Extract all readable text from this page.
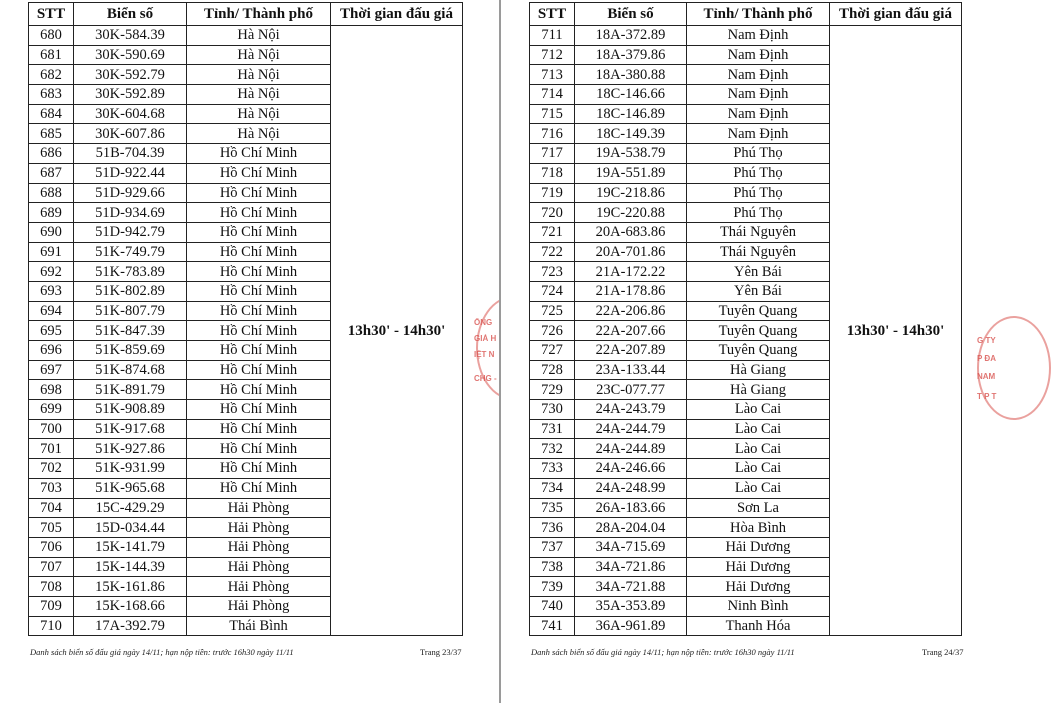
STT	Biển số	Tỉnh/ Thành phố	Thời gian đấu giá
680	30K-584.39	Hà Nội	13h30' - 14h30'
681	30K-590.69	Hà Nội	
682	30K-592.79	Hà Nội	
683	30K-592.89	Hà Nội	
684	30K-604.68	Hà Nội	
685	30K-607.86	Hà Nội	
686	51B-704.39	Hồ Chí Minh	
687	51D-922.44	Hồ Chí Minh	
688	51D-929.66	Hồ Chí Minh	
689	51D-934.69	Hồ Chí Minh	
690	51D-942.79	Hồ Chí Minh	
691	51K-749.79	Hồ Chí Minh	
692	51K-783.89	Hồ Chí Minh	
693	51K-802.89	Hồ Chí Minh	
694	51K-807.79	Hồ Chí Minh	
695	51K-847.39	Hồ Chí Minh	
696	51K-859.69	Hồ Chí Minh	
697	51K-874.68	Hồ Chí Minh	
698	51K-891.79	Hồ Chí Minh	
699	51K-908.89	Hồ Chí Minh	
700	51K-917.68	Hồ Chí Minh	
701	51K-927.86	Hồ Chí Minh	
702	51K-931.99	Hồ Chí Minh	
703	51K-965.68	Hồ Chí Minh	
704	15C-429.29	Hải Phòng	
705	15D-034.44	Hải Phòng	
706	15K-141.79	Hải Phòng	
707	15K-144.39	Hải Phòng	
708	15K-161.86	Hải Phòng	
709	15K-168.66	Hải Phòng	
710	17A-392.79	Thái Bình	
Danh sách biển số đấu giá ngày 14/11; hạn nộp tiền: trước 16h30 ngày 11/11	Trang 23/37
ỔNG
GIÁ H
IỆT N
CHG -
G TY
P ĐA
NAM
T P T
STT	Biển số	Tỉnh/ Thành phố	Thời gian đấu giá
711	18A-372.89	Nam Định	13h30' - 14h30'
712	18A-379.86	Nam Định	
713	18A-380.88	Nam Định	
714	18C-146.66	Nam Định	
715	18C-146.89	Nam Định	
716	18C-149.39	Nam Định	
717	19A-538.79	Phú Thọ	
718	19A-551.89	Phú Thọ	
719	19C-218.86	Phú Thọ	
720	19C-220.88	Phú Thọ	
721	20A-683.86	Thái Nguyên	
722	20A-701.86	Thái Nguyên	
723	21A-172.22	Yên Bái	
724	21A-178.86	Yên Bái	
725	22A-206.86	Tuyên Quang	
726	22A-207.66	Tuyên Quang	
727	22A-207.89	Tuyên Quang	
728	23A-133.44	Hà Giang	
729	23C-077.77	Hà Giang	
730	24A-243.79	Lào Cai	
731	24A-244.79	Lào Cai	
732	24A-244.89	Lào Cai	
733	24A-246.66	Lào Cai	
734	24A-248.99	Lào Cai	
735	26A-183.66	Sơn La	
736	28A-204.04	Hòa Bình	
737	34A-715.69	Hải Dương	
738	34A-721.86	Hải Dương	
739	34A-721.88	Hải Dương	
740	35A-353.89	Ninh Bình	
741	36A-961.89	Thanh Hóa	
Danh sách biển số đấu giá ngày 14/11; hạn nộp tiền: trước 16h30 ngày 11/11	Trang 24/37
